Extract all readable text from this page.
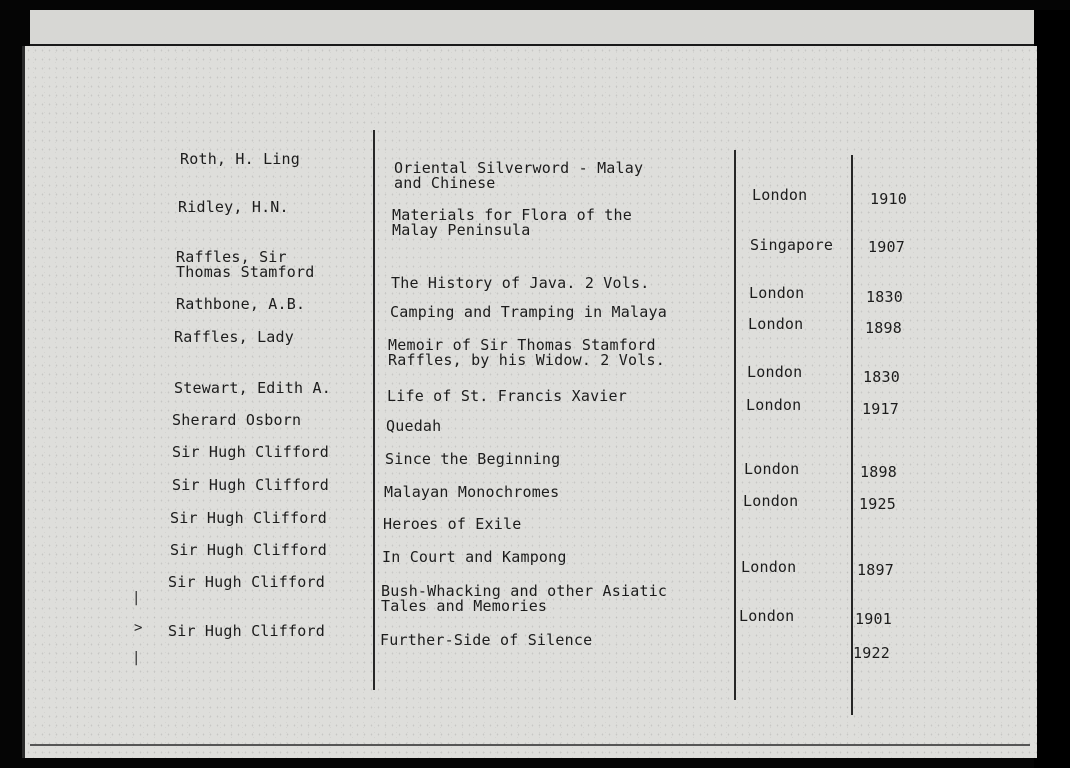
|
>
|
Roth, H. Ling
Ridley, H.N.
Raffles, Sir
Thomas Stamford
Rathbone, A.B.
Raffles, Lady
Stewart, Edith A.
Sherard Osborn
Sir Hugh Clifford
Sir Hugh Clifford
Sir Hugh Clifford
Sir Hugh Clifford
Sir Hugh Clifford
Sir Hugh Clifford
Oriental Silverword - Malay
and Chinese
Materials for Flora of the
Malay Peninsula
The History of Java. 2 Vols.
Camping and Tramping in Malaya
Memoir of Sir Thomas Stamford
Raffles, by his Widow. 2 Vols.
Life of St. Francis Xavier
Quedah
Since the Beginning
Malayan Monochromes
Heroes of Exile
In Court and Kampong
Bush-Whacking and other Asiatic
Tales and Memories
Further-Side of Silence
London
Singapore
London
London
London
London
London
London
London
London
1910
1907
1830
1898
1830
1917
1898
1925
1897
1901
1922
